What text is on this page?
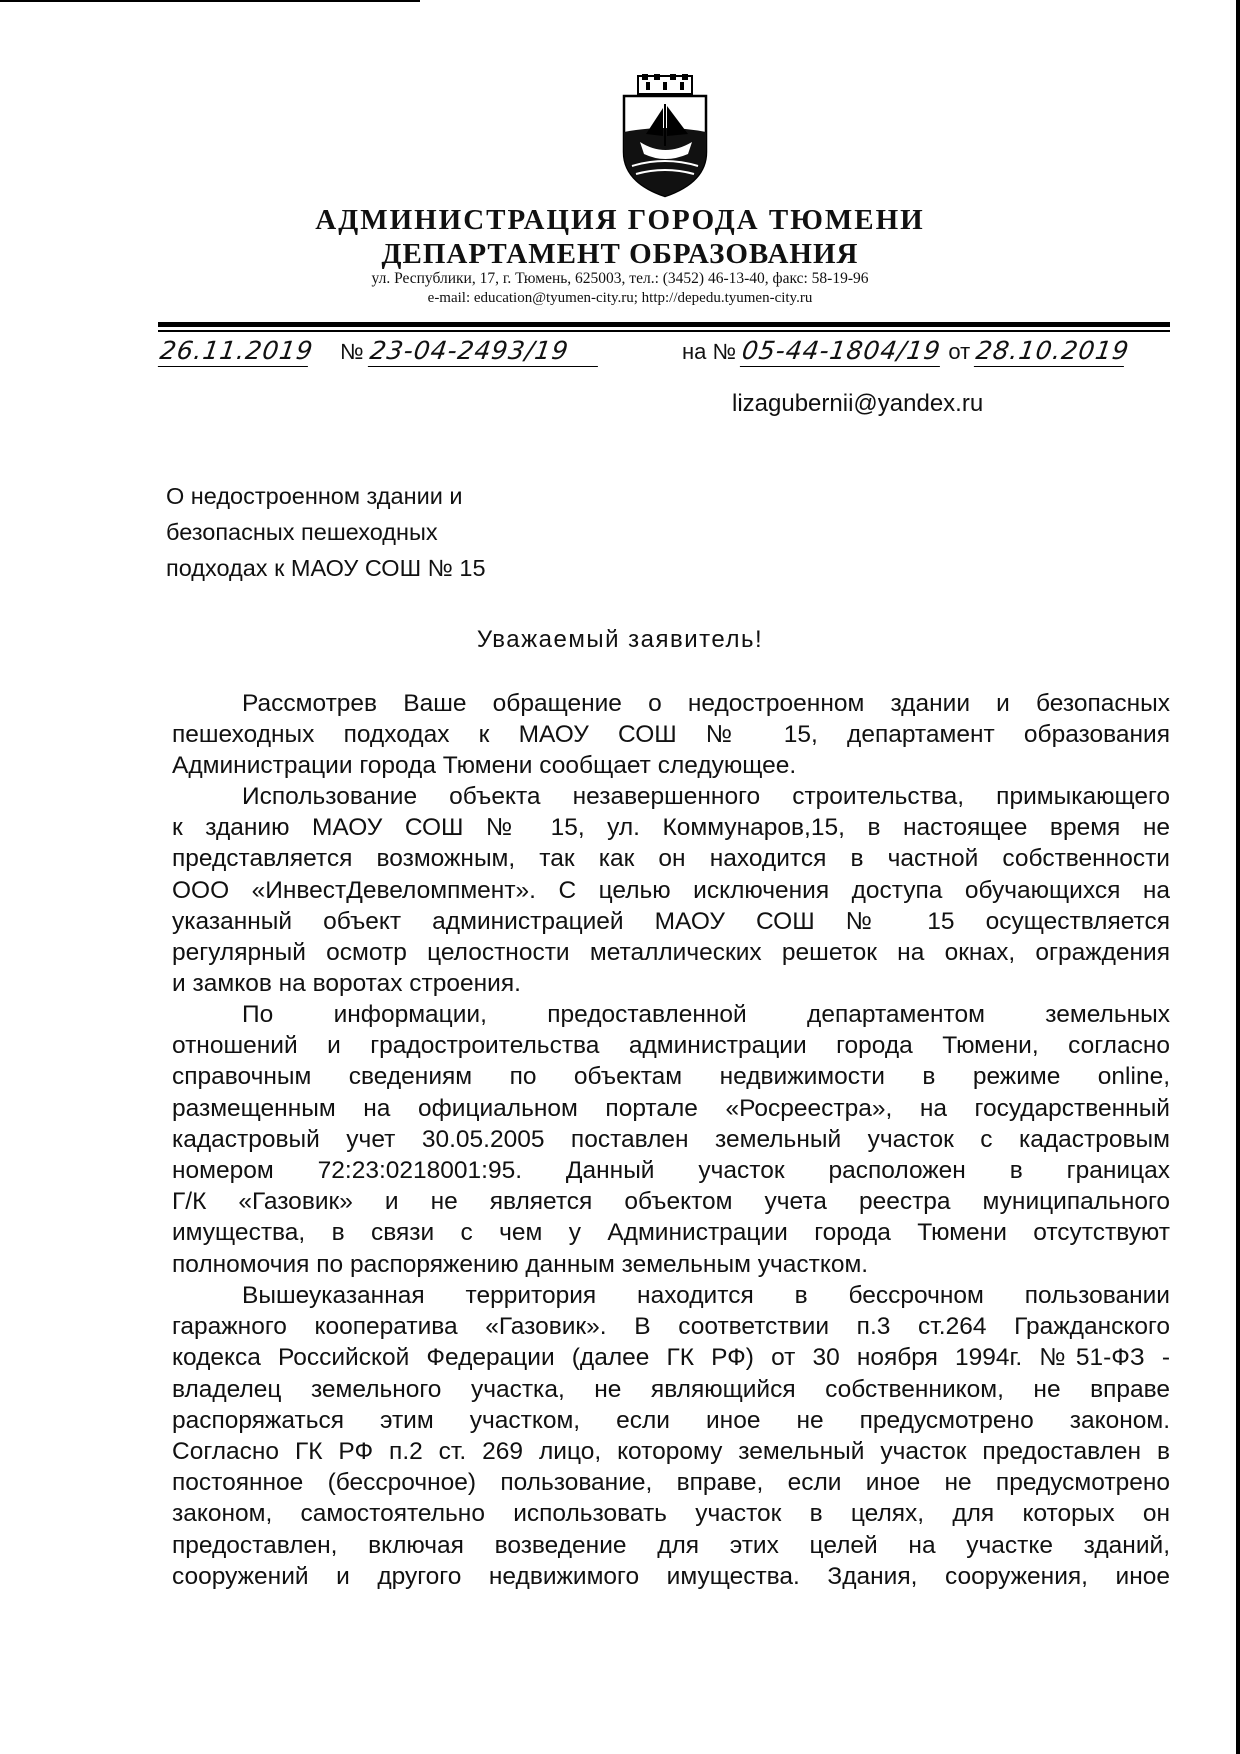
АДМИНИСТРАЦИЯ ГОРОДА ТЮМЕНИ
ДЕПАРТАМЕНТ ОБРАЗОВАНИЯ
ул. Республики, 17, г. Тюмень, 625003, тел.: (3452) 46-13-40, факс: 58-19-96
e-mail: education@tyumen-city.ru; http://depedu.tyumen-city.ru
26.11.2019 № 23-04-2493/19	на № 05-44-1804/19 от 28.10.2019
lizagubernii@yandex.ru
О недостроенном здании и
безопасных пешеходных
подходах к МАОУ СОШ № 15
Уважаемый заявитель!
Рассмотрев Ваше обращение о недостроенном здании и безопасных
пешеходных подходах к МАОУ СОШ № 15, департамент образования
Администрации города Тюмени сообщает следующее.
Использование объекта незавершенного строительства, примыкающего
к зданию МАОУ СОШ № 15, ул. Коммунаров,15, в настоящее время не
представляется возможным, так как он находится в частной собственности
ООО «ИнвестДевеломпмент». С целью исключения доступа обучающихся на
указанный объект администрацией МАОУ СОШ № 15 осуществляется
регулярный осмотр целостности металлических решеток на окнах, ограждения
и замков на воротах строения.
По информации, предоставленной департаментом земельных
отношений и градостроительства администрации города Тюмени, согласно
справочным сведениям по объектам недвижимости в режиме online,
размещенным на официальном портале «Росреестра», на государственный
кадастровый учет 30.05.2005 поставлен земельный участок с кадастровым
номером 72:23:0218001:95. Данный участок расположен в границах
Г/К «Газовик» и не является объектом учета реестра муниципального
имущества, в связи с чем у Администрации города Тюмени отсутствуют
полномочия по распоряжению данным земельным участком.
Вышеуказанная территория находится в бессрочном пользовании
гаражного кооператива «Газовик». В соответствии п.3 ст.264 Гражданского
кодекса Российской Федерации (далее ГК РФ) от 30 ноября 1994г. №51-ФЗ -
владелец земельного участка, не являющийся собственником, не вправе
распоряжаться этим участком, если иное не предусмотрено законом.
Согласно ГК РФ п.2 ст. 269 лицо, которому земельный участок предоставлен в
постоянное (бессрочное) пользование, вправе, если иное не предусмотрено
законом, самостоятельно использовать участок в целях, для которых он
предоставлен, включая возведение для этих целей на участке зданий,
сооружений и другого недвижимого имущества. Здания, сооружения, иное
